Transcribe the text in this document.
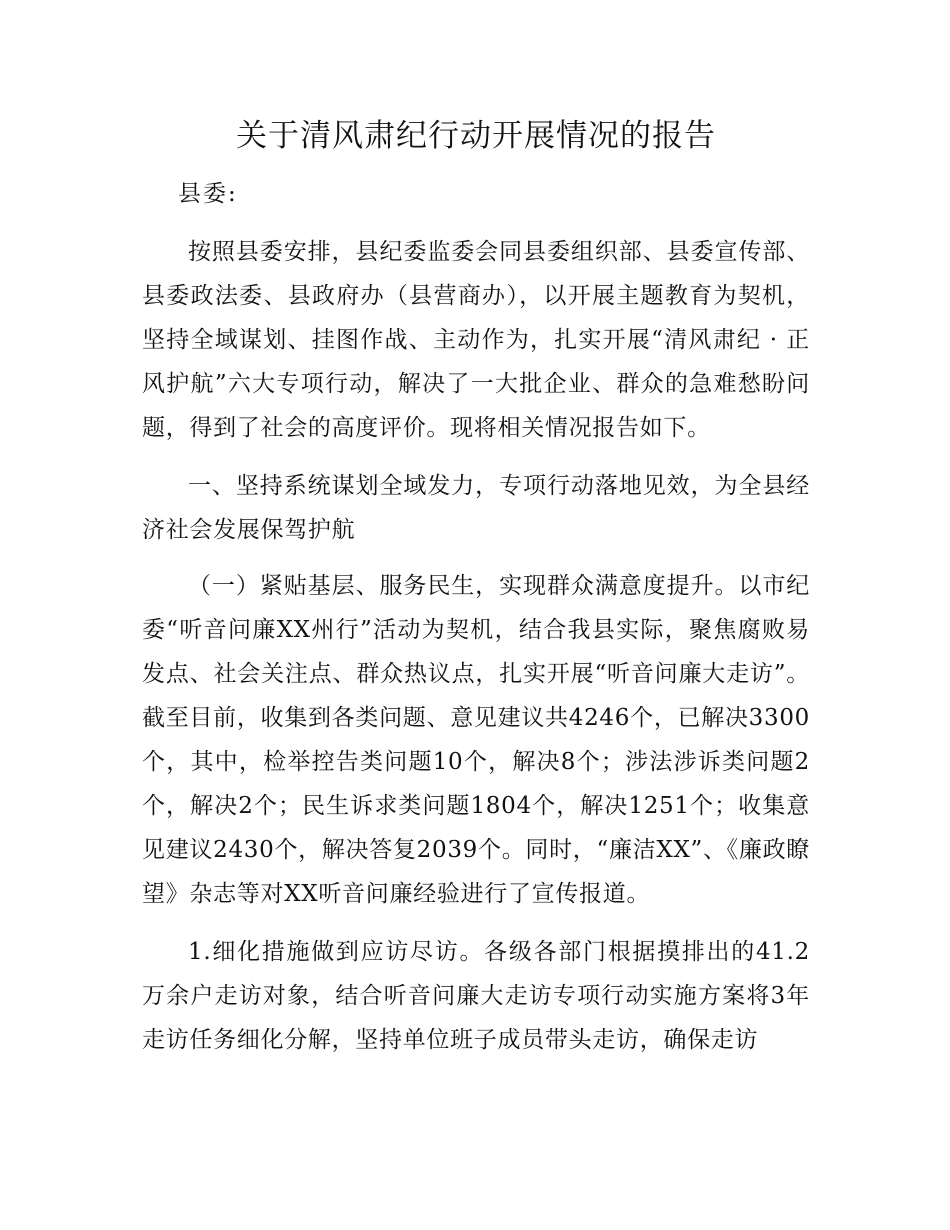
关于清风肃纪行动开展情况的报告

县委:

按照县委安排，县纪委监委会同县委组织部、县委宣传部、县委政法委、县政府办（县营商办），以开展主题教育为契机，坚持全域谋划、挂图作战、主动作为，扎实开展“清风肃纪 · 正风护航”六大专项行动，解决了一大批企业、群众的急难愁盼问题，得到了社会的高度评价。现将相关情况报告如下。

一、坚持系统谋划全域发力，专项行动落地见效，为全县经济社会发展保驾护航

（一）紧贴基层、服务民生，实现群众满意度提升。以市纪委“听音问廉XX州行”活动为契机，结合我县实际，聚焦腐败易发点、社会关注点、群众热议点，扎实开展“听音问廉大走访”。截至目前，收集到各类问题、意见建议共4246个，已解决3300个，其中，检举控告类问题10个，解决8个；涉法涉诉类问题2个，解决2个；民生诉求类问题1804个，解决1251个；收集意见建议2430个，解决答复2039个。同时，“廉洁XX”、《廉政瞭望》杂志等对XX听音问廉经验进行了宣传报道。

1.细化措施做到应访尽访。各级各部门根据摸排出的41.2万余户走访对象，结合听音问廉大走访专项行动实施方案将3年走访任务细化分解，坚持单位班子成员带头走访，确保走访
